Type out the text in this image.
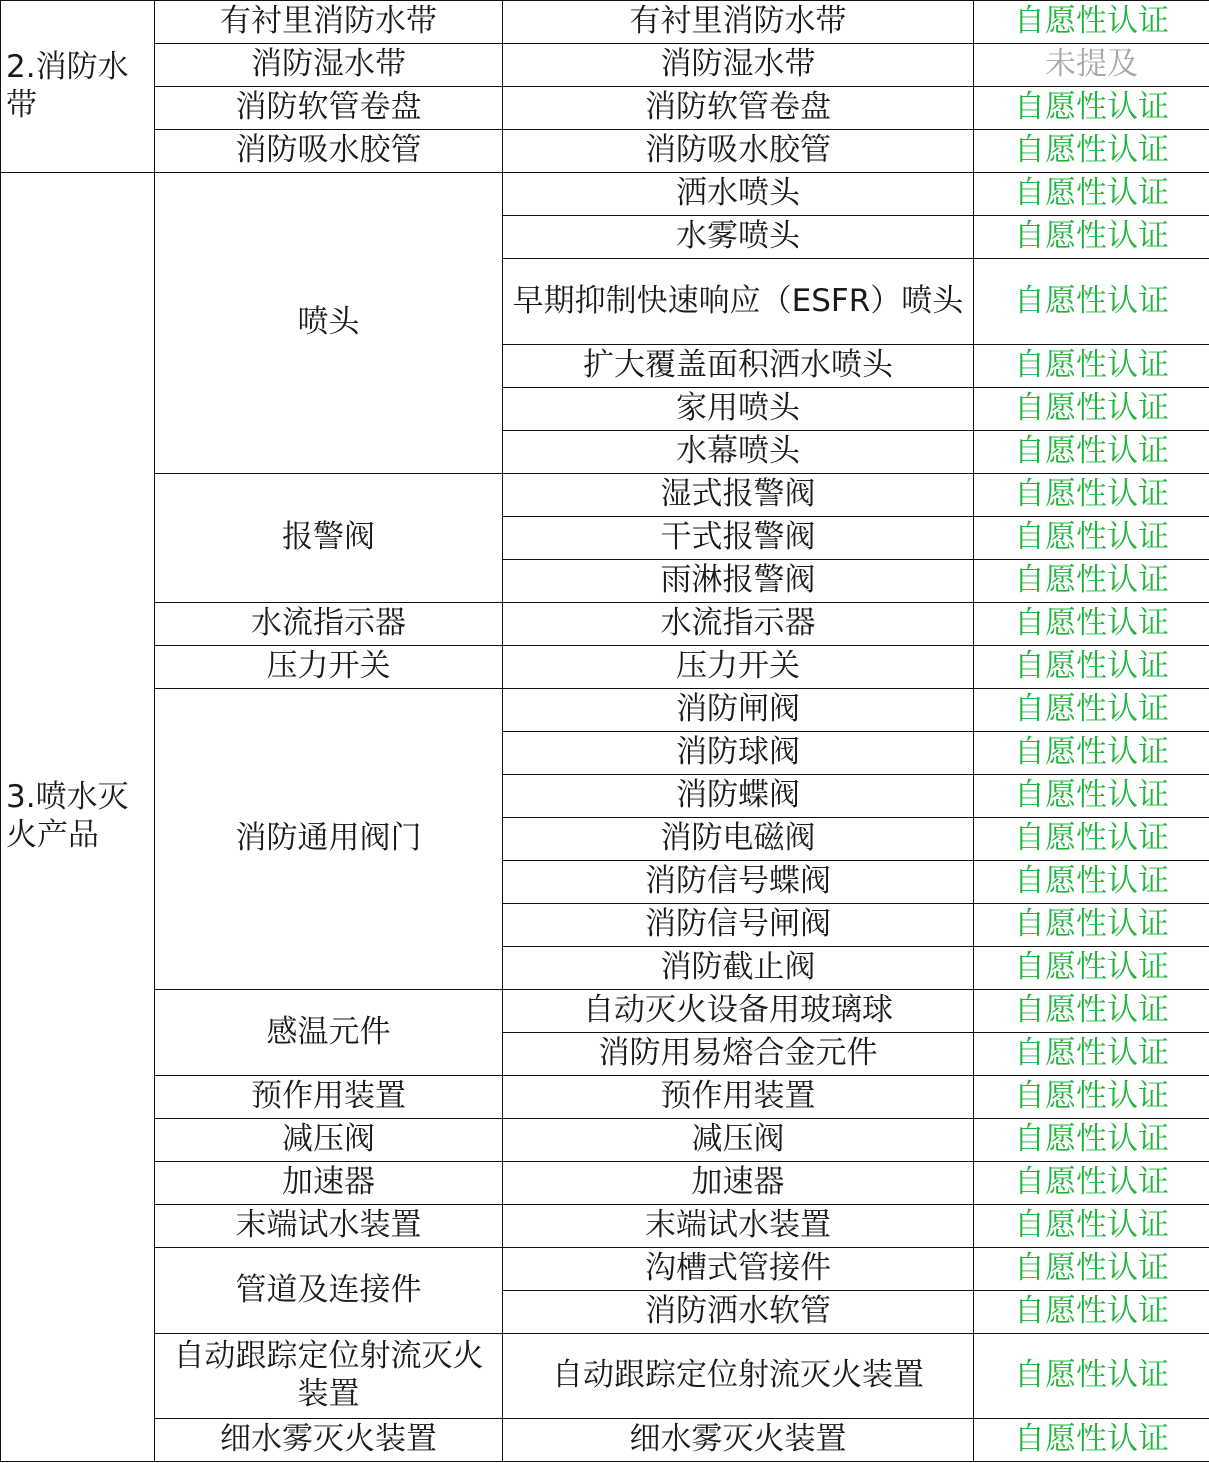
2.消防水带	有衬里消防水带	有衬里消防水带	自愿性认证
	消防湿水带	消防湿水带	未提及
	消防软管卷盘	消防软管卷盘	自愿性认证
	消防吸水胶管	消防吸水胶管	自愿性认证
3.喷水灭火产品	喷头	洒水喷头	自愿性认证
		水雾喷头	自愿性认证
		早期抑制快速响应（ESFR）喷头	自愿性认证
		扩大覆盖面积洒水喷头	自愿性认证
		家用喷头	自愿性认证
		水幕喷头	自愿性认证
	报警阀	湿式报警阀	自愿性认证
		干式报警阀	自愿性认证
		雨淋报警阀	自愿性认证
	水流指示器	水流指示器	自愿性认证
	压力开关	压力开关	自愿性认证
	消防通用阀门	消防闸阀	自愿性认证
		消防球阀	自愿性认证
		消防蝶阀	自愿性认证
		消防电磁阀	自愿性认证
		消防信号蝶阀	自愿性认证
		消防信号闸阀	自愿性认证
		消防截止阀	自愿性认证
	感温元件	自动灭火设备用玻璃球	自愿性认证
		消防用易熔合金元件	自愿性认证
	预作用装置	预作用装置	自愿性认证
	减压阀	减压阀	自愿性认证
	加速器	加速器	自愿性认证
	末端试水装置	末端试水装置	自愿性认证
	管道及连接件	沟槽式管接件	自愿性认证
		消防洒水软管	自愿性认证
	自动跟踪定位射流灭火装置	自动跟踪定位射流灭火装置	自愿性认证
	细水雾灭火装置	细水雾灭火装置	自愿性认证
